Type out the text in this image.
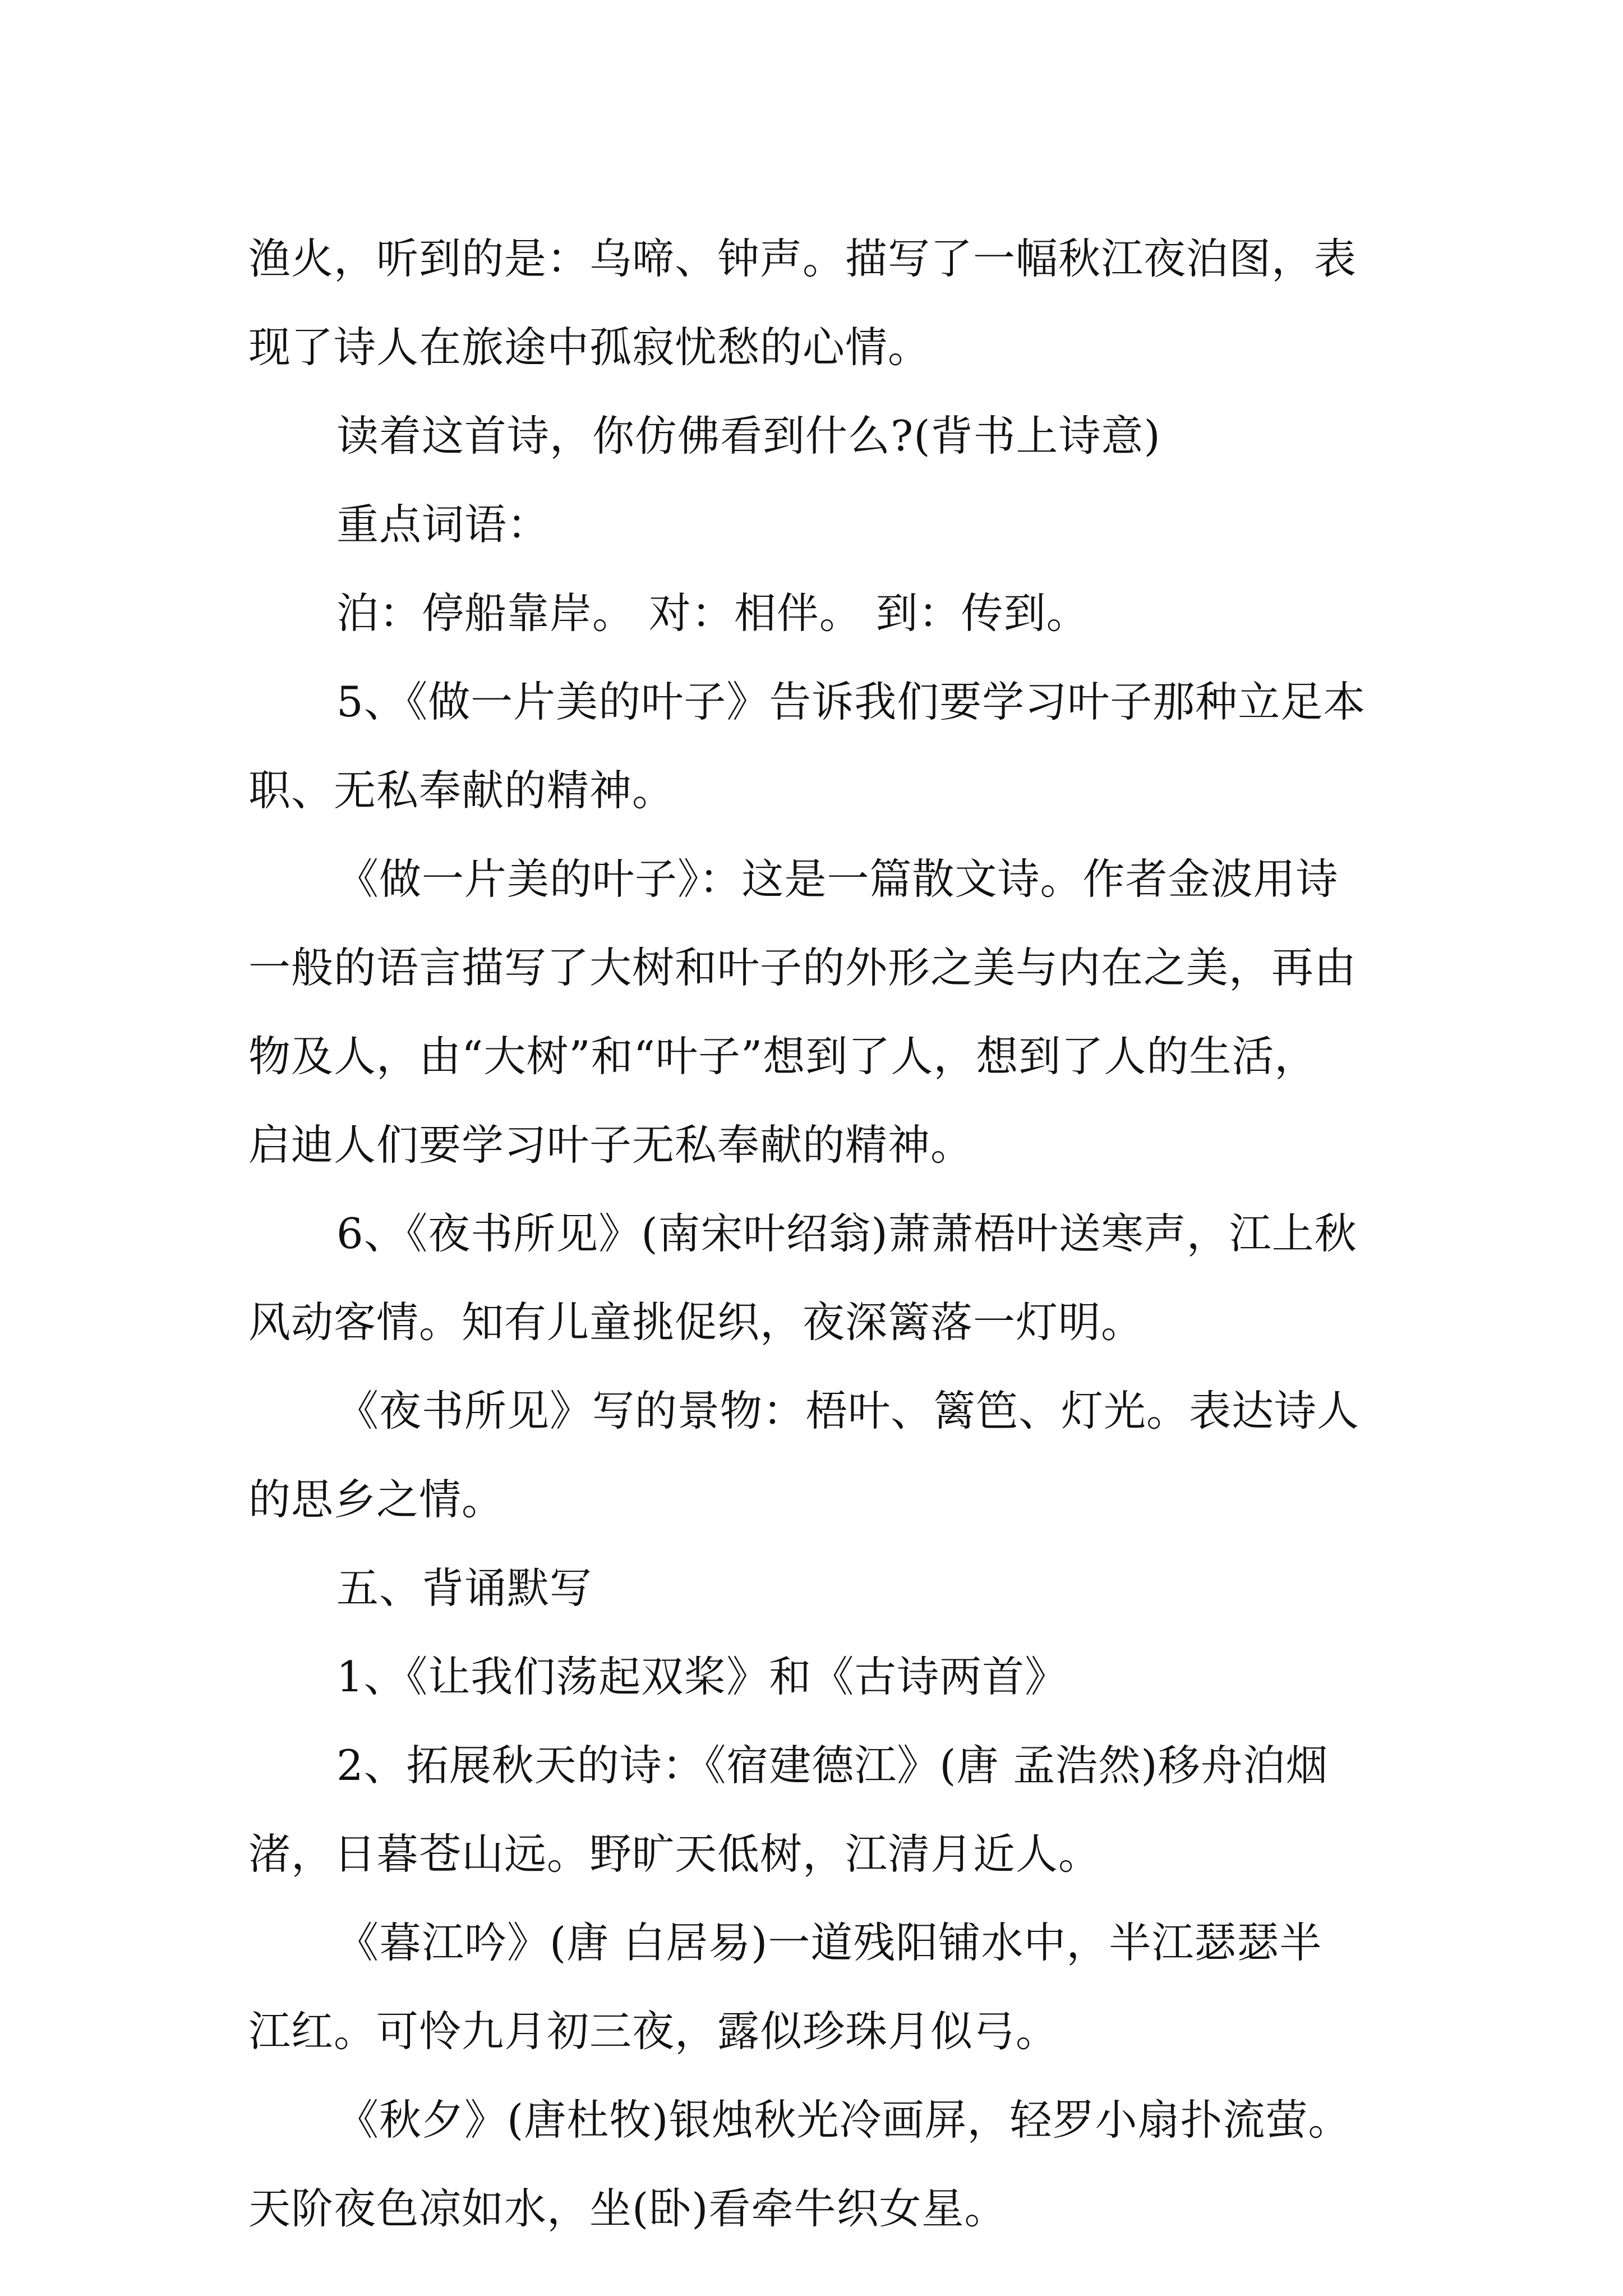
渔火，听到的是：乌啼、钟声。描写了一幅秋江夜泊图，表
现了诗人在旅途中孤寂忧愁的心情。
读着这首诗，你仿佛看到什么?(背书上诗意)
重点词语：
泊：停船靠岸。 对：相伴。 到：传到。
5、《做一片美的叶子》告诉我们要学习叶子那种立足本
职、无私奉献的精神。
《做一片美的叶子》：这是一篇散文诗。作者金波用诗
一般的语言描写了大树和叶子的外形之美与内在之美，再由
物及人，由“大树”和“叶子”想到了人，想到了人的生活，
启迪人们要学习叶子无私奉献的精神。
6、《夜书所见》(南宋叶绍翁)萧萧梧叶送寒声，江上秋
风动客情。知有儿童挑促织，夜深篱落一灯明。
《夜书所见》写的景物：梧叶、篱笆、灯光。表达诗人
的思乡之情。
五、背诵默写
1、《让我们荡起双桨》和《古诗两首》
2、拓展秋天的诗：《宿建德江》(唐 孟浩然)移舟泊烟
渚，日暮苍山远。野旷天低树，江清月近人。
《暮江吟》(唐 白居易)一道残阳铺水中，半江瑟瑟半
江红。可怜九月初三夜，露似珍珠月似弓。
《秋夕》(唐杜牧)银烛秋光冷画屏，轻罗小扇扑流萤。
天阶夜色凉如水，坐(卧)看牵牛织女星。
